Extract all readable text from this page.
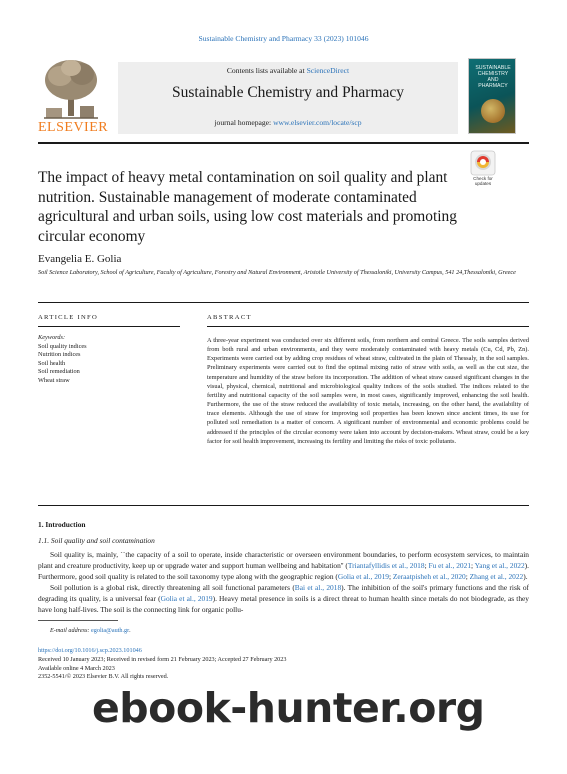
Sustainable Chemistry and Pharmacy 33 (2023) 101046
ELSEVIER
Contents lists available at ScienceDirect
Sustainable Chemistry and Pharmacy
journal homepage: www.elsevier.com/locate/scp
SUSTAINABLE CHEMISTRY AND PHARMACY
The impact of heavy metal contamination on soil quality and plant nutrition. Sustainable management of moderate contaminated agricultural and urban soils, using low cost materials and promoting circular economy
Check for updates
Evangelia E. Golia
Soil Science Laboratory, School of Agriculture, Faculty of Agriculture, Forestry and Natural Environment, Aristotle University of Thessaloniki, University Campus, 541 24,Thessaloniki, Greece
ARTICLE INFO	ABSTRACT
Keywords:
Soil quality indices
Nutrition indices
Soil health
Soil remediation
Wheat straw
A three-year experiment was conducted over six different soils, from northern and central Greece. The soils samples derived from both rural and urban environments, and they were moderately contaminated with heavy metals (Cu, Cd, Pb, Zn). Experiments were carried out by adding crop residues of wheat straw, cultivated in the plain of Thessaly, in the soil samples. Preliminary experiments were carried out to find the optimal mixing ratio of straw with soils, as well as the cut size, the temperature and humidity of the straw before its incorporation. The addition of wheat straw caused significant changes in the visual, physical, chemical, nutritional and microbiological quality indices of the soils studied. The indices related to the fertility and nutritional capacity of the soil samples were, in most cases, significantly improved, enhancing the soil health. Furthermore, the use of the straw reduced the availability of toxic metals, increasing, on the other hand, the availability of trace elements. Although the use of straw for improving soil properties has been known since ancient times, its use for polluted soil remediation is a matter of concern. A significant number of environmental and economic problems could be addressed if the principles of the circular economy were taken into account by decision-makers. Wheat straw, could be a key factor for soil health improvement, increasing its fertility and limiting the risks of toxic pollutants.
1. Introduction
1.1. Soil quality and soil contamination

Soil quality is, mainly, ``the capacity of a soil to operate, inside characteristic or overseen environment boundaries, to perform ecosystem services, to maintain plant and creature productivity, keep up or upgrade water and support human wellbeing and habitation'' (Triantafyllidis et al., 2018; Fu et al., 2021; Yang et al., 2022). Furthermore, good soil quality is related to the soil taxonomy type along with the geographic region (Golia et al., 2019; Zeraatpisheh et al., 2020; Zhang et al., 2022).

Soil pollution is a global risk, directly threatening all soil functional parameters (Bai et al., 2018). The inhibition of the soil's primary functions and the risk of degrading its quality, is a universal fear (Golia et al., 2019). Heavy metal presence in soils is a direct threat to human health since metals do not biodegrade, as they have long half-lives. The soil is the connecting link for organic pollu-

E-mail address: egolia@auth.gr.
https://doi.org/10.1016/j.scp.2023.101046
Received 10 January 2023; Received in revised form 21 February 2023; Accepted 27 February 2023
Available online 4 March 2023
2352-5541/© 2023 Elsevier B.V. All rights reserved.
ebook-hunter.org
